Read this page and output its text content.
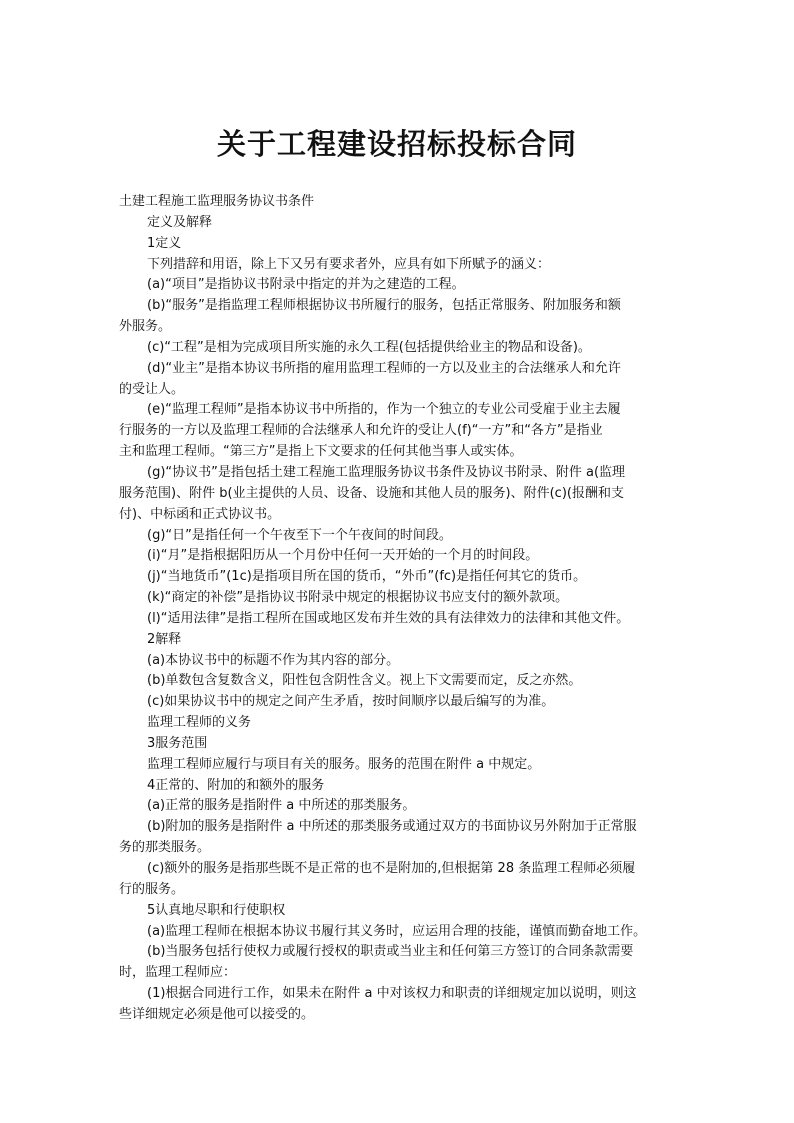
关于工程建设招标投标合同
土建工程施工监理服务协议书条件
定义及解释
1定义
下列措辞和用语，除上下又另有要求者外，应具有如下所赋予的涵义：
(a)“项目”是指协议书附录中指定的并为之建造的工程。
(b)“服务”是指监理工程师根据协议书所履行的服务，包括正常服务、附加服务和额
外服务。
(c)“工程”是相为完成项目所实施的永久工程(包括提供给业主的物品和设备)。
(d)“业主”是指本协议书所指的雇用监理工程师的一方以及业主的合法继承人和允许
的受让人。
(e)“监理工程师”是指本协议书中所指的，作为一个独立的专业公司受雇于业主去履
行服务的一方以及监理工程师的合法继承人和允许的受让人(f)“一方”和“各方”是指业
主和监理工程师。“第三方”是指上下文要求的任何其他当事人或实体。
(g)“协议书”是指包括土建工程施工监理服务协议书条件及协议书附录、附件 a(监理
服务范围)、附件 b(业主提供的人员、设备、设施和其他人员的服务)、附件(c)(报酬和支
付)、中标函和正式协议书。
(g)“日”是指任何一个午夜至下一个午夜间的时间段。
(i)“月”是指根据阳历从一个月份中任何一天开始的一个月的时间段。
(j)“当地货币”(1c)是指项目所在国的货币，“外币”(fc)是指任何其它的货币。
(k)“商定的补偿”是指协议书附录中规定的根据协议书应支付的额外款项。
(l)“适用法律”是指工程所在国或地区发布并生效的具有法律效力的法律和其他文件。
2解释
(a)本协议书中的标题不作为其内容的部分。
(b)单数包含复数含义，阳性包含阴性含义。视上下文需要而定，反之亦然。
(c)如果协议书中的规定之间产生矛盾，按时间顺序以最后编写的为准。
监理工程师的义务
3服务范围
监理工程师应履行与项目有关的服务。服务的范围在附件 a 中规定。
4正常的、附加的和额外的服务
(a)正常的服务是指附件 a 中所述的那类服务。
(b)附加的服务是指附件 a 中所述的那类服务或通过双方的书面协议另外附加于正常服
务的那类服务。
(c)额外的服务是指那些既不是正常的也不是附加的,但根据第 28 条监理工程师必须履
行的服务。
5认真地尽职和行使职权
(a)监理工程师在根据本协议书履行其义务时，应运用合理的技能，谨慎而勤奋地工作。
(b)当服务包括行使权力或履行授权的职责或当业主和任何第三方签订的合同条款需要
时，监理工程师应：
(1)根据合同进行工作，如果未在附件 a 中对该权力和职责的详细规定加以说明，则这
些详细规定必须是他可以接受的。
